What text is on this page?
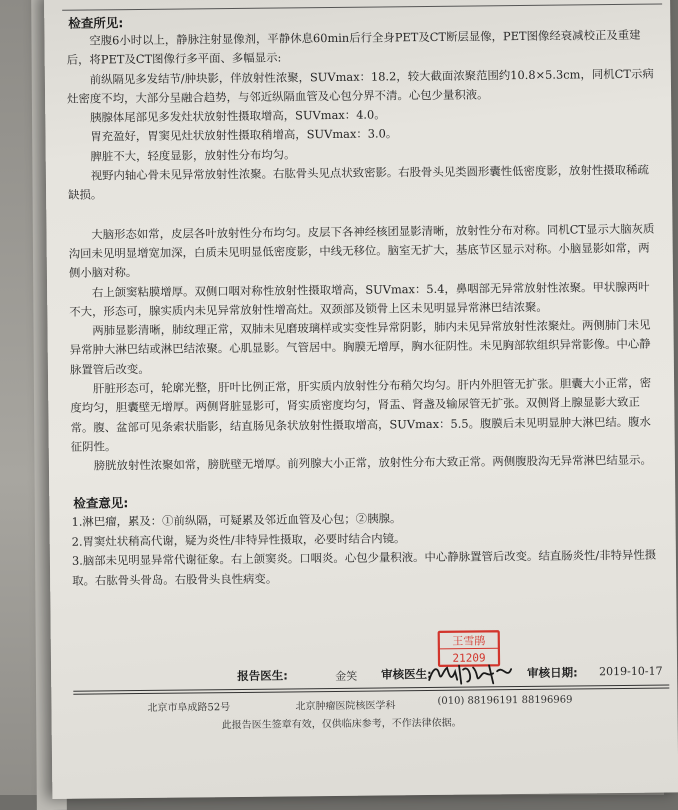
检查所见:

空腹6小时以上，静脉注射显像剂，平静休息60min后行全身PET及CT断层显像，PET图像经衰减校正及重建后，将PET及CT图像行多平面、多幅显示:

前纵隔见多发结节/肿块影，伴放射性浓聚，SUVmax：18.2，较大截面浓聚范围约10.8×5.3cm，同机CT示病灶密度不均，大部分呈融合趋势，与邻近纵隔血管及心包分界不清。心包少量积液。

胰腺体尾部见多发灶状放射性摄取增高，SUVmax：4.0。

胃充盈好，胃窦见灶状放射性摄取稍增高，SUVmax：3.0。

脾脏不大，轻度显影，放射性分布均匀。

视野内轴心骨未见异常放射性浓聚。右肱骨头见点状致密影。右股骨头见类圆形囊性低密度影，放射性摄取稀疏缺损。

大脑形态如常，皮层各叶放射性分布均匀。皮层下各神经核团显影清晰，放射性分布对称。同机CT显示大脑灰质沟回未见明显增宽加深，白质未见明显低密度影，中线无移位。脑室无扩大，基底节区显示对称。小脑显影如常，两侧小脑对称。

右上颌窦粘膜增厚。双侧口咽对称性放射性摄取增高，SUVmax：5.4，鼻咽部无异常放射性浓聚。甲状腺两叶不大，形态可，腺实质内未见异常放射性增高灶。双颈部及锁骨上区未见明显异常淋巴结浓聚。

两肺显影清晰，肺纹理正常，双肺未见磨玻璃样或实变性异常阴影，肺内未见异常放射性浓聚灶。两侧肺门未见异常肿大淋巴结或淋巴结浓聚。心肌显影。气管居中。胸膜无增厚，胸水征阴性。未见胸部软组织异常影像。中心静脉置管后改变。

肝脏形态可，轮廓光整，肝叶比例正常，肝实质内放射性分布稍欠均匀。肝内外胆管无扩张。胆囊大小正常，密度均匀，胆囊壁无增厚。两侧肾脏显影可，肾实质密度均匀，肾盂、肾盏及输尿管无扩张。双侧肾上腺显影大致正常。腹、盆部可见条索状脂影，结直肠见条状放射性摄取增高，SUVmax：5.5。腹膜后未见明显肿大淋巴结。腹水征阴性。

膀胱放射性浓聚如常，膀胱壁无增厚。前列腺大小正常，放射性分布大致正常。两侧腹股沟无异常淋巴结显示。

检查意见:

1.淋巴瘤，累及：①前纵隔，可疑累及邻近血管及心包；②胰腺。

2.胃窦灶状稍高代谢，疑为炎性/非特异性摄取，必要时结合内镜。

3.脑部未见明显异常代谢征象。右上颌窦炎。口咽炎。心包少量积液。中心静脉置管后改变。结直肠炎性/非特异性摄取。右肱骨头骨岛。右股骨头良性病变。

王雪鹃
21209
报告医生:	金笑 审核医生:	审核日期: 2019-10-17
北京市阜成路52号	北京肿瘤医院核医学科	(010) 88196191 88196969
此报告医生签章有效，仅供临床参考，不作法律依据。
